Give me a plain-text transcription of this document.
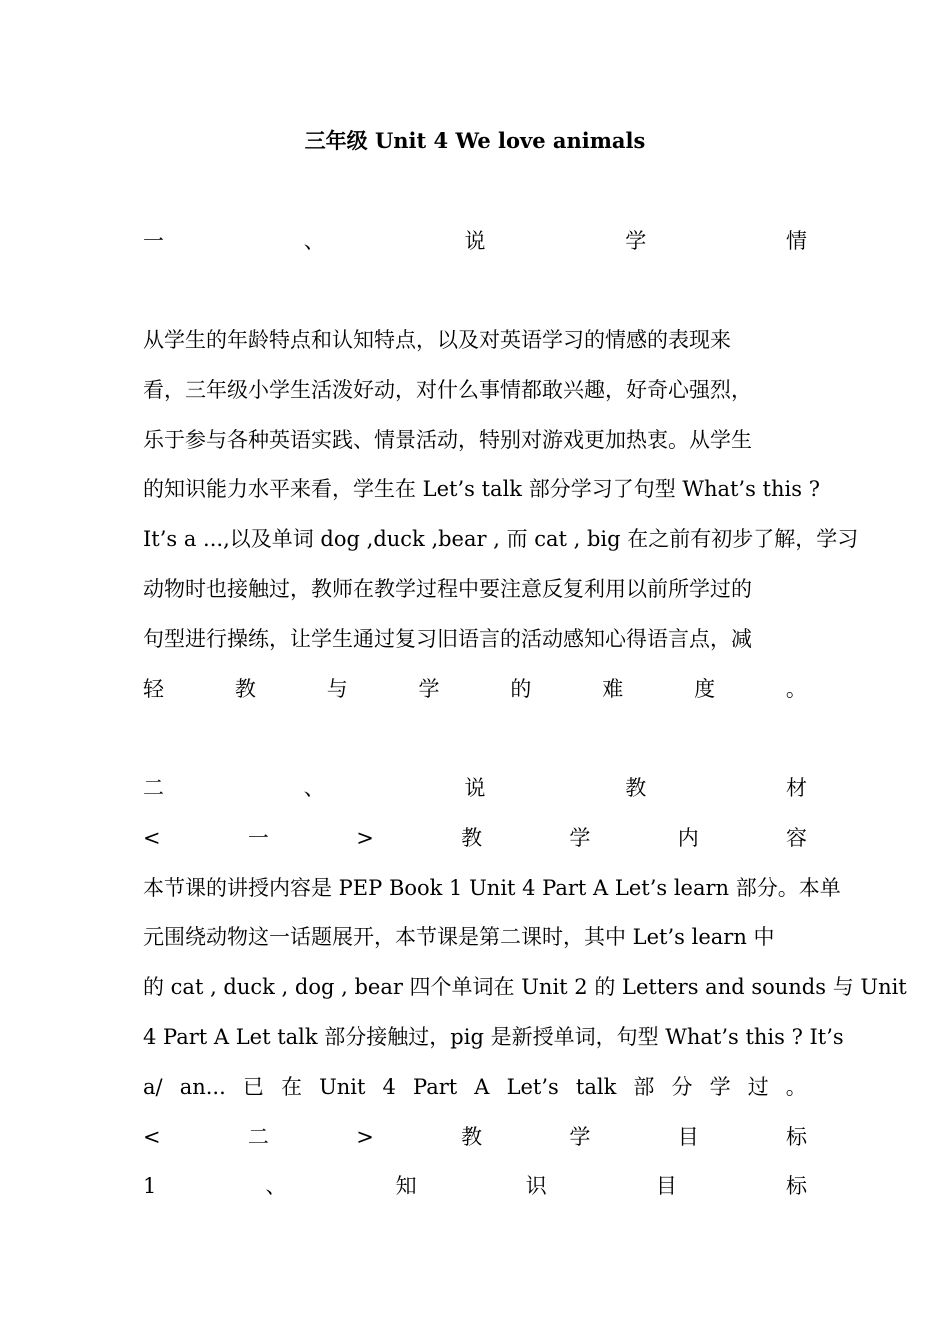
三年级 Unit 4 We love animals
一	、	说	学	情
从学生的年龄特点和认知特点，以及对英语学习的情感的表现来
看，三年级小学生活泼好动，对什么事情都敢兴趣，好奇心强烈，
乐于参与各种英语实践、情景活动，特别对游戏更加热衷。从学生
的知识能力水平来看，学生在 Let’s talk 部分学习了句型 What’s this ?
It’s a ...,以及单词 dog ,duck ,bear , 而 cat , big 在之前有初步了解，学习
动物时也接触过，教师在教学过程中要注意反复利用以前所学过的
句型进行操练，让学生通过复习旧语言的活动感知心得语言点，减
轻	教	与	学	的	难	度	。
二	、	说	教	材
<	一	>	教	学	内	容
本节课的讲授内容是 PEP Book 1 Unit 4 Part A Let’s learn 部分。本单
元围绕动物这一话题展开，本节课是第二课时，其中 Let’s learn 中
的 cat , duck , dog , bear 四个单词在 Unit 2 的 Letters and sounds 与 Unit
4 Part A Let talk 部分接触过，pig 是新授单词，句型 What’s this ? It’s
a/ an... 已 在 Unit 4 Part A Let’s talk 部 分 学 过 。
<	二	>	教	学	目	标
1	、	知	识	目	标
